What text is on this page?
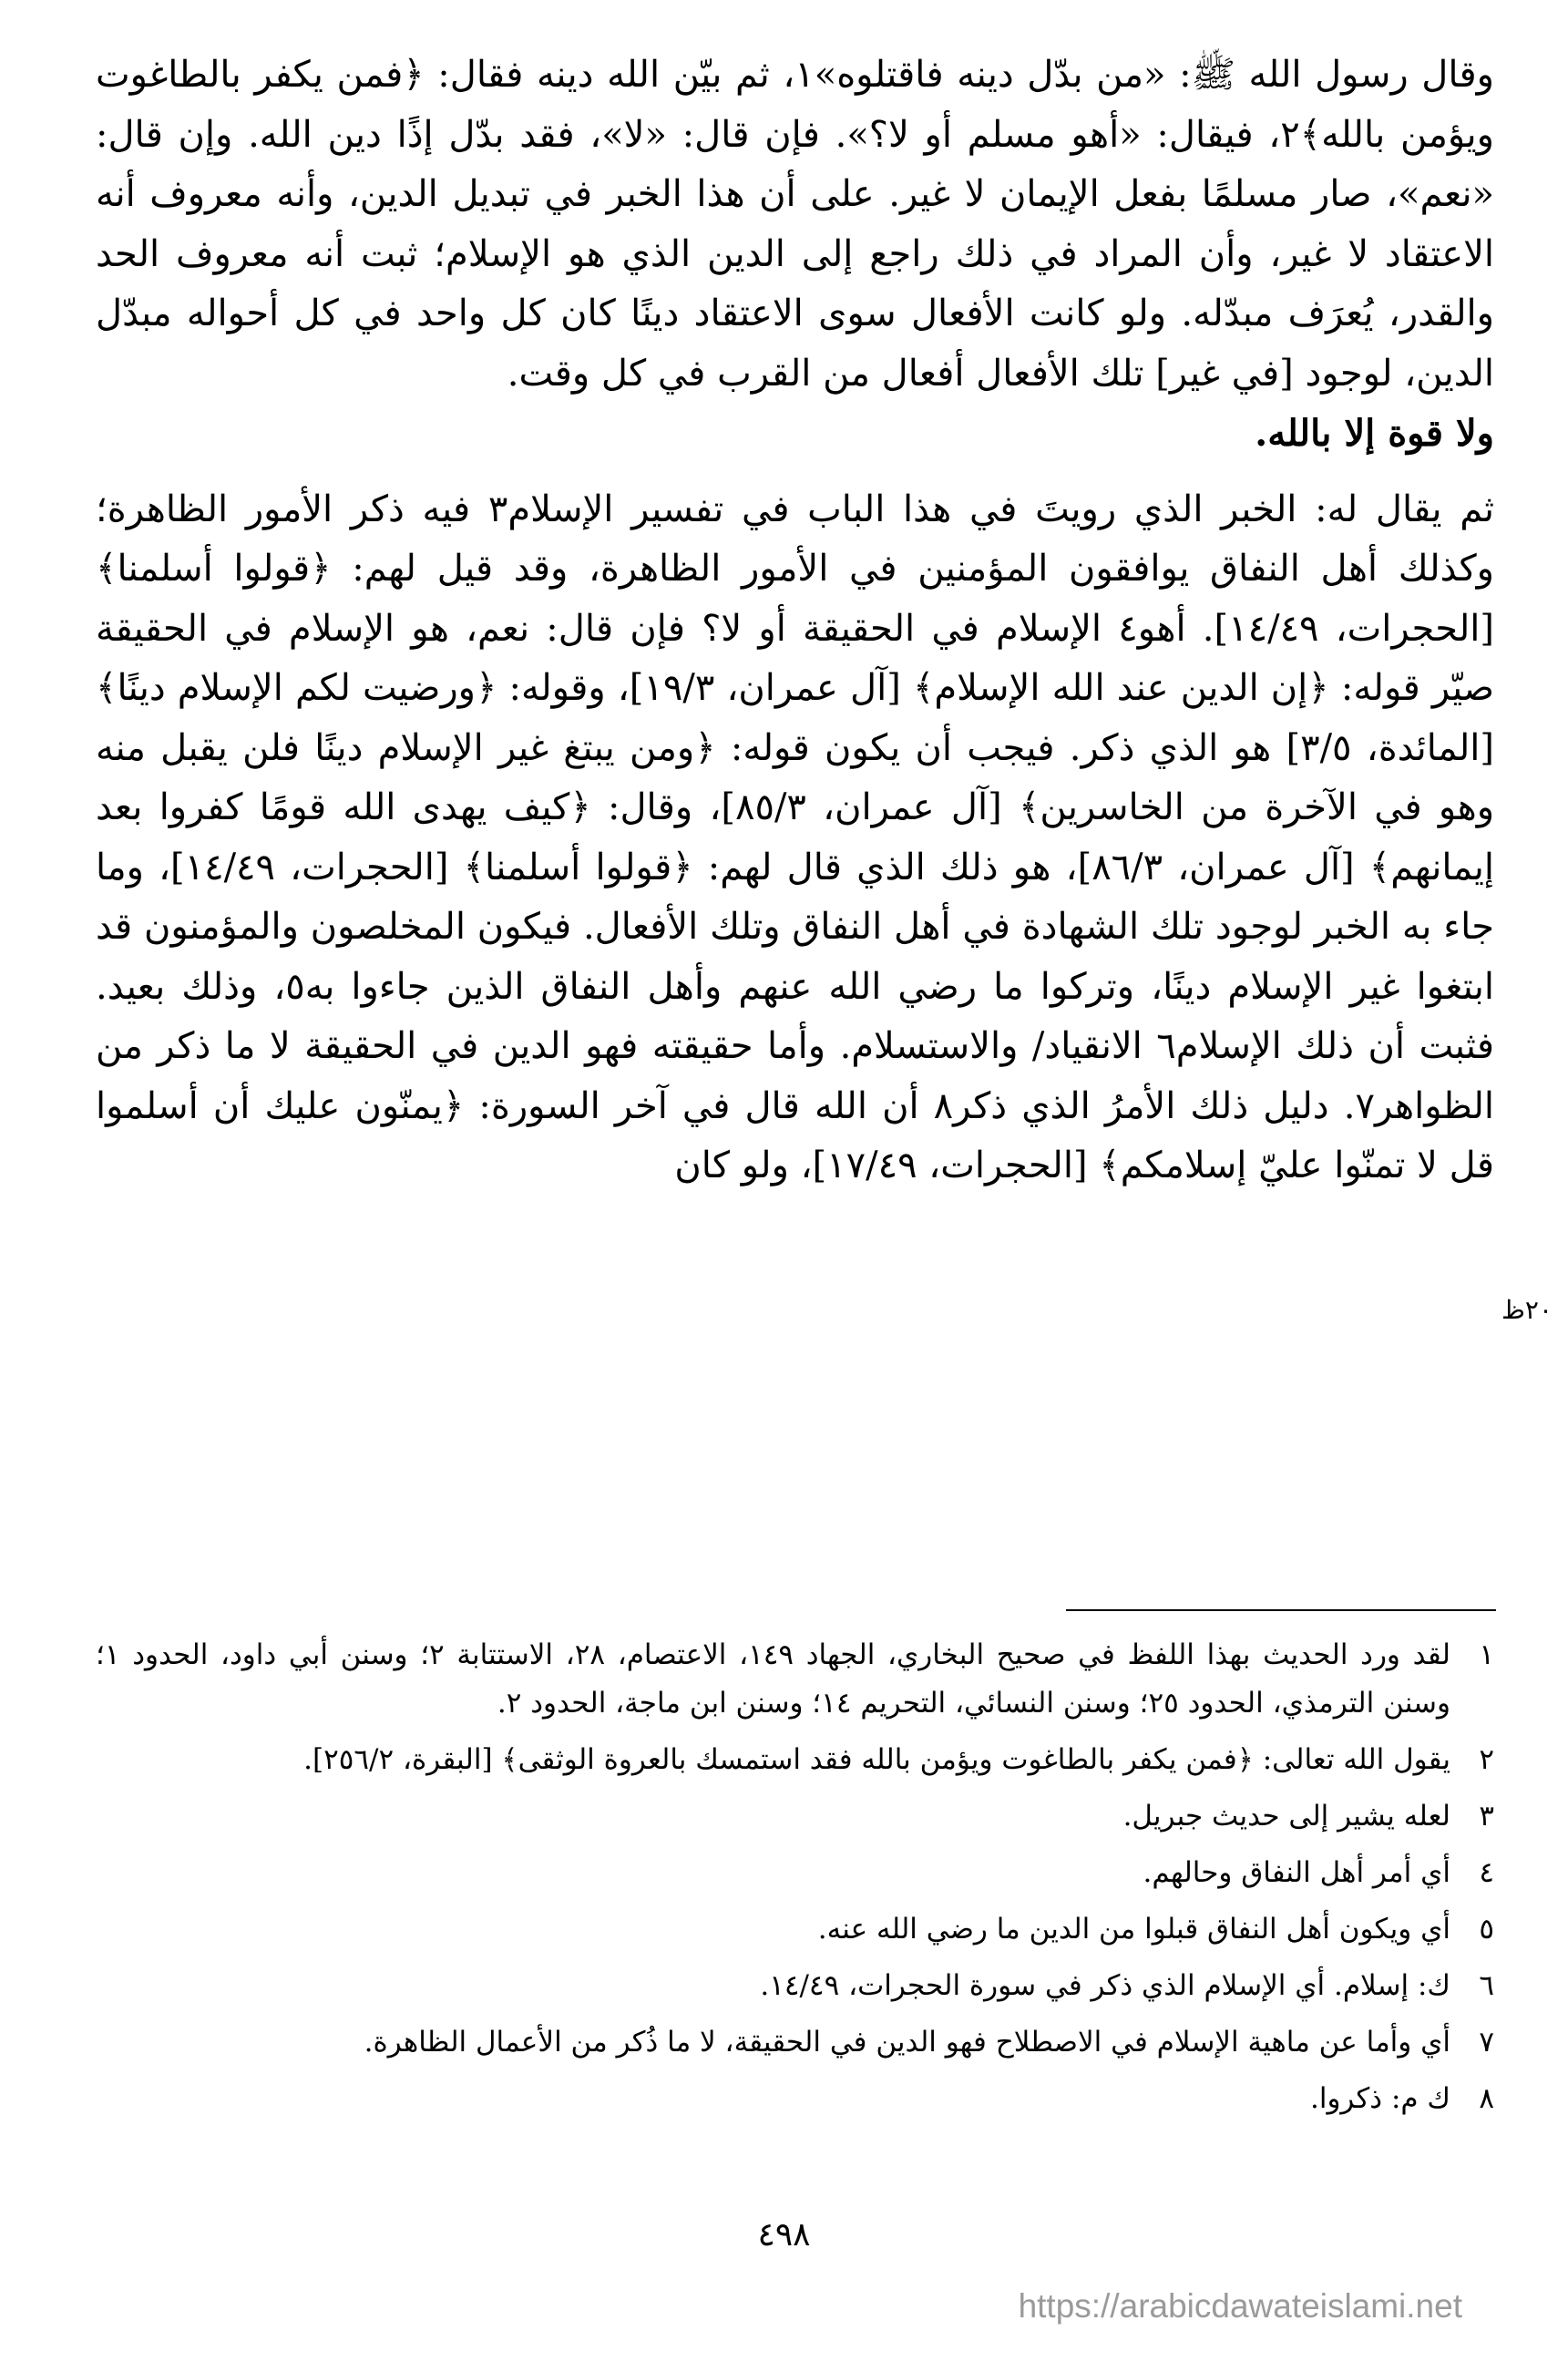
وقال رسول الله ﷺ: «من بدّل دينه فاقتلوه»١، ثم بيّن الله دينه فقال: ﴿فمن يكفر بالطاغوت ويؤمن بالله﴾٢، فيقال: «أهو مسلم أو لا؟». فإن قال: «لا»، فقد بدّل إذًا دين الله. وإن قال: «نعم»، صار مسلمًا بفعل الإيمان لا غير. على أن هذا الخبر في تبديل الدين، وأنه معروف أنه الاعتقاد لا غير، وأن المراد في ذلك راجع إلى الدين الذي هو الإسلام؛ ثبت أنه معروف الحد والقدر، يُعرَف مبدّله. ولو كانت الأفعال سوى الاعتقاد دينًا كان كل واحد في كل أحواله مبدّل الدين، لوجود [في غير] تلك الأفعال أفعال من القرب في كل وقت.

ولا قوة إلا بالله.

ثم يقال له: الخبر الذي رويتَ في هذا الباب في تفسير الإسلام٣ فيه ذكر الأمور الظاهرة؛ وكذلك أهل النفاق يوافقون المؤمنين في الأمور الظاهرة، وقد قيل لهم: ﴿قولوا أسلمنا﴾ [الحجرات، ١٤/٤٩]. أهو٤ الإسلام في الحقيقة أو لا؟ فإن قال: نعم، هو الإسلام في الحقيقة صيّر قوله: ﴿إن الدين عند الله الإسلام﴾ [آل عمران، ١٩/٣]، وقوله: ﴿ورضيت لكم الإسلام دينًا﴾ [المائدة، ٣/٥] هو الذي ذكر. فيجب أن يكون قوله: ﴿ومن يبتغ غير الإسلام دينًا فلن يقبل منه وهو في الآخرة من الخاسرين﴾ [آل عمران، ٨٥/٣]، وقال: ﴿كيف يهدى الله قومًا كفروا بعد إيمانهم﴾ [آل عمران، ٨٦/٣]، هو ذلك الذي قال لهم: ﴿قولوا أسلمنا﴾ [الحجرات، ١٤/٤٩]، وما جاء به الخبر لوجود تلك الشهادة في أهل النفاق وتلك الأفعال. فيكون المخلصون والمؤمنون قد ابتغوا غير الإسلام دينًا، وتركوا ما رضي الله عنهم وأهل النفاق الذين جاءوا به٥، وذلك بعيد. فثبت أن ذلك الإسلام٦ الانقياد/ والاستسلام. وأما حقيقته فهو الدين في الحقيقة لا ما ذكر من الظواهر٧. دليل ذلك الأمرُ الذي ذكر٨ أن الله قال في آخر السورة: ﴿يمنّون عليك أن أسلموا قل لا تمنّوا عليّ إسلامكم﴾ [الحجرات، ١٧/٤٩]، ولو كان

٢٠ظ
١
لقد ورد الحديث بهذا اللفظ في صحيح البخاري، الجهاد ١٤٩، الاعتصام، ٢٨، الاستتابة ٢؛ وسنن أبي داود، الحدود ١؛ وسنن الترمذي، الحدود ٢٥؛ وسنن النسائي، التحريم ١٤؛ وسنن ابن ماجة، الحدود ٢.
٢
يقول الله تعالى: ﴿فمن يكفر بالطاغوت ويؤمن بالله فقد استمسك بالعروة الوثقى﴾ [البقرة، ٢٥٦/٢].
٣
لعله يشير إلى حديث جبريل.
٤
أي أمر أهل النفاق وحالهم.
٥
أي ويكون أهل النفاق قبلوا من الدين ما رضي الله عنه.
٦
ك: إسلام. أي الإسلام الذي ذكر في سورة الحجرات، ١٤/٤٩.
٧
أي وأما عن ماهية الإسلام في الاصطلاح فهو الدين في الحقيقة، لا ما ذُكر من الأعمال الظاهرة.
٨
ك م: ذكروا.
٤٩٨
https://arabicdawateislami.net
